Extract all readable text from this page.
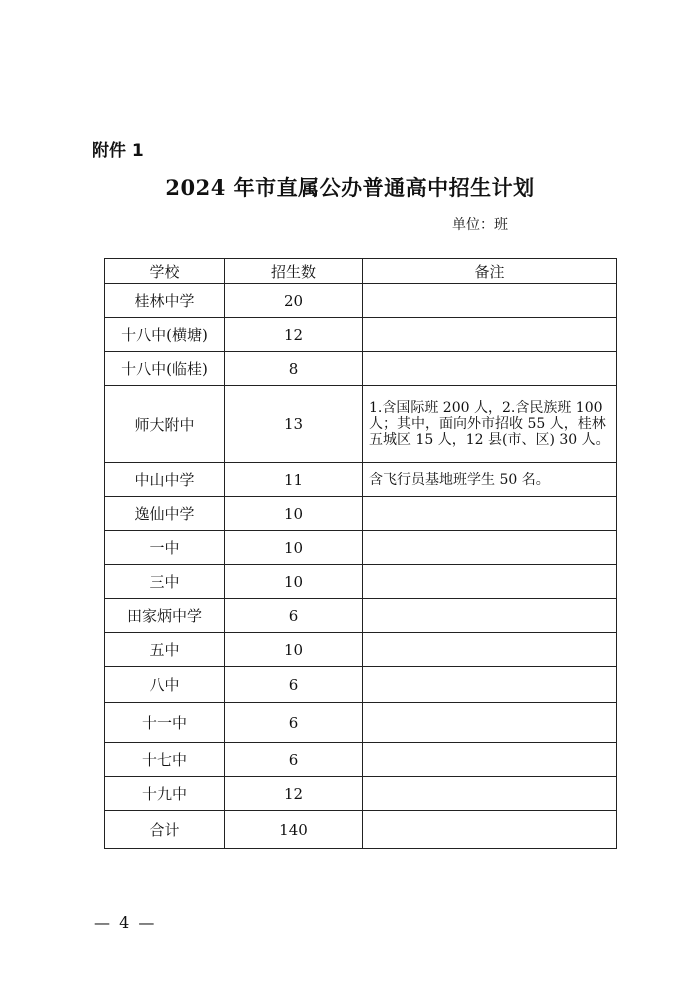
附件 1
2024 年市直属公办普通高中招生计划
单位：班
学校	招生数	备注
桂林中学	20	
十八中(横塘)	12	
十八中(临桂)	8	
师大附中	13	1.含国际班 200 人，2.含民族班 100 人；其中，面向外市招收 55 人，桂林五城区 15 人，12 县(市、区) 30 人。
中山中学	11	含飞行员基地班学生 50 名。
逸仙中学	10	
一中	10	
三中	10	
田家炳中学	6	
五中	10	
八中	6	
十一中	6	
十七中	6	
十九中	12	
合计	140	
— 4 —
